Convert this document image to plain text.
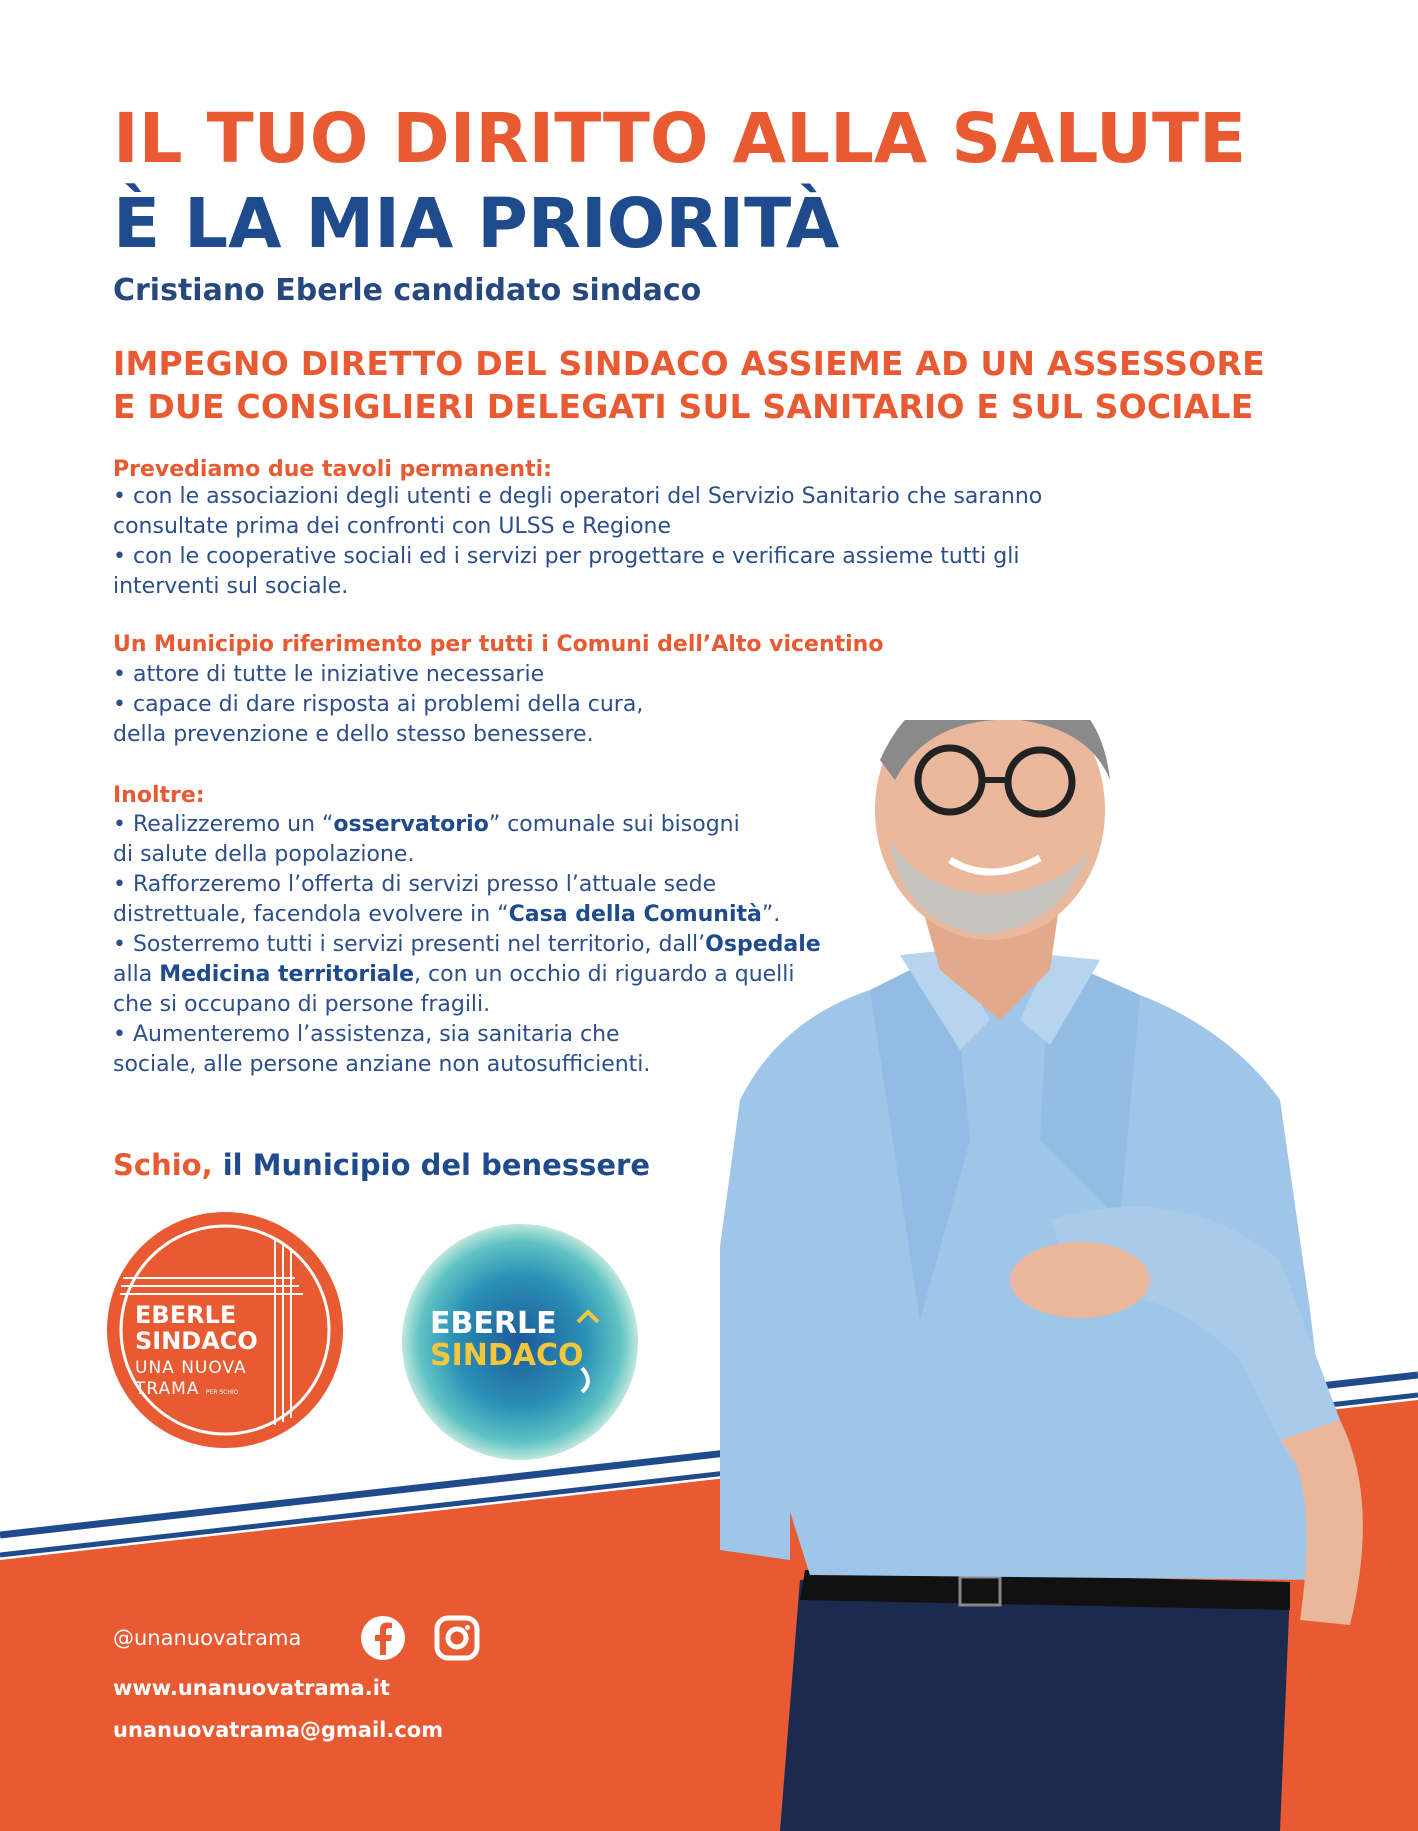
IL TUO DIRITTO ALLA SALUTE
È LA MIA PRIORITÀ
Cristiano Eberle candidato sindaco
IMPEGNO DIRETTO DEL SINDACO ASSIEME AD UN ASSESSORE
E DUE CONSIGLIERI DELEGATI SUL SANITARIO E SUL SOCIALE
Prevediamo due tavoli permanenti:
• con le associazioni degli utenti e degli operatori del Servizio Sanitario che saranno
consultate prima dei confronti con ULSS e Regione
• con le cooperative sociali ed i servizi per progettare e verificare assieme tutti gli
interventi sul sociale.
Un Municipio riferimento per tutti i Comuni dell’Alto vicentino
• attore di tutte le iniziative necessarie
• capace di dare risposta ai problemi della cura,
della prevenzione e dello stesso benessere.
Inoltre:
• Realizzeremo un “osservatorio” comunale sui bisogni
di salute della popolazione.
• Rafforzeremo l’offerta di servizi presso l’attuale sede
distrettuale, facendola evolvere in “Casa della Comunità”.
• Sosterremo tutti i servizi presenti nel territorio, dall’Ospedale
alla Medicina territoriale, con un occhio di riguardo a quelli
che si occupano di persone fragili.
• Aumenteremo l’assistenza, sia sanitaria che
sociale, alle persone anziane non autosufficienti.
Schio, il Municipio del benessere
EBERLE
SINDACO
UNA NUOVA
TRAMA PER SCHIO
EBERLE
SINDACO
@unanuovatrama
www.unanuovatrama.it
unanuovatrama@gmail.com
